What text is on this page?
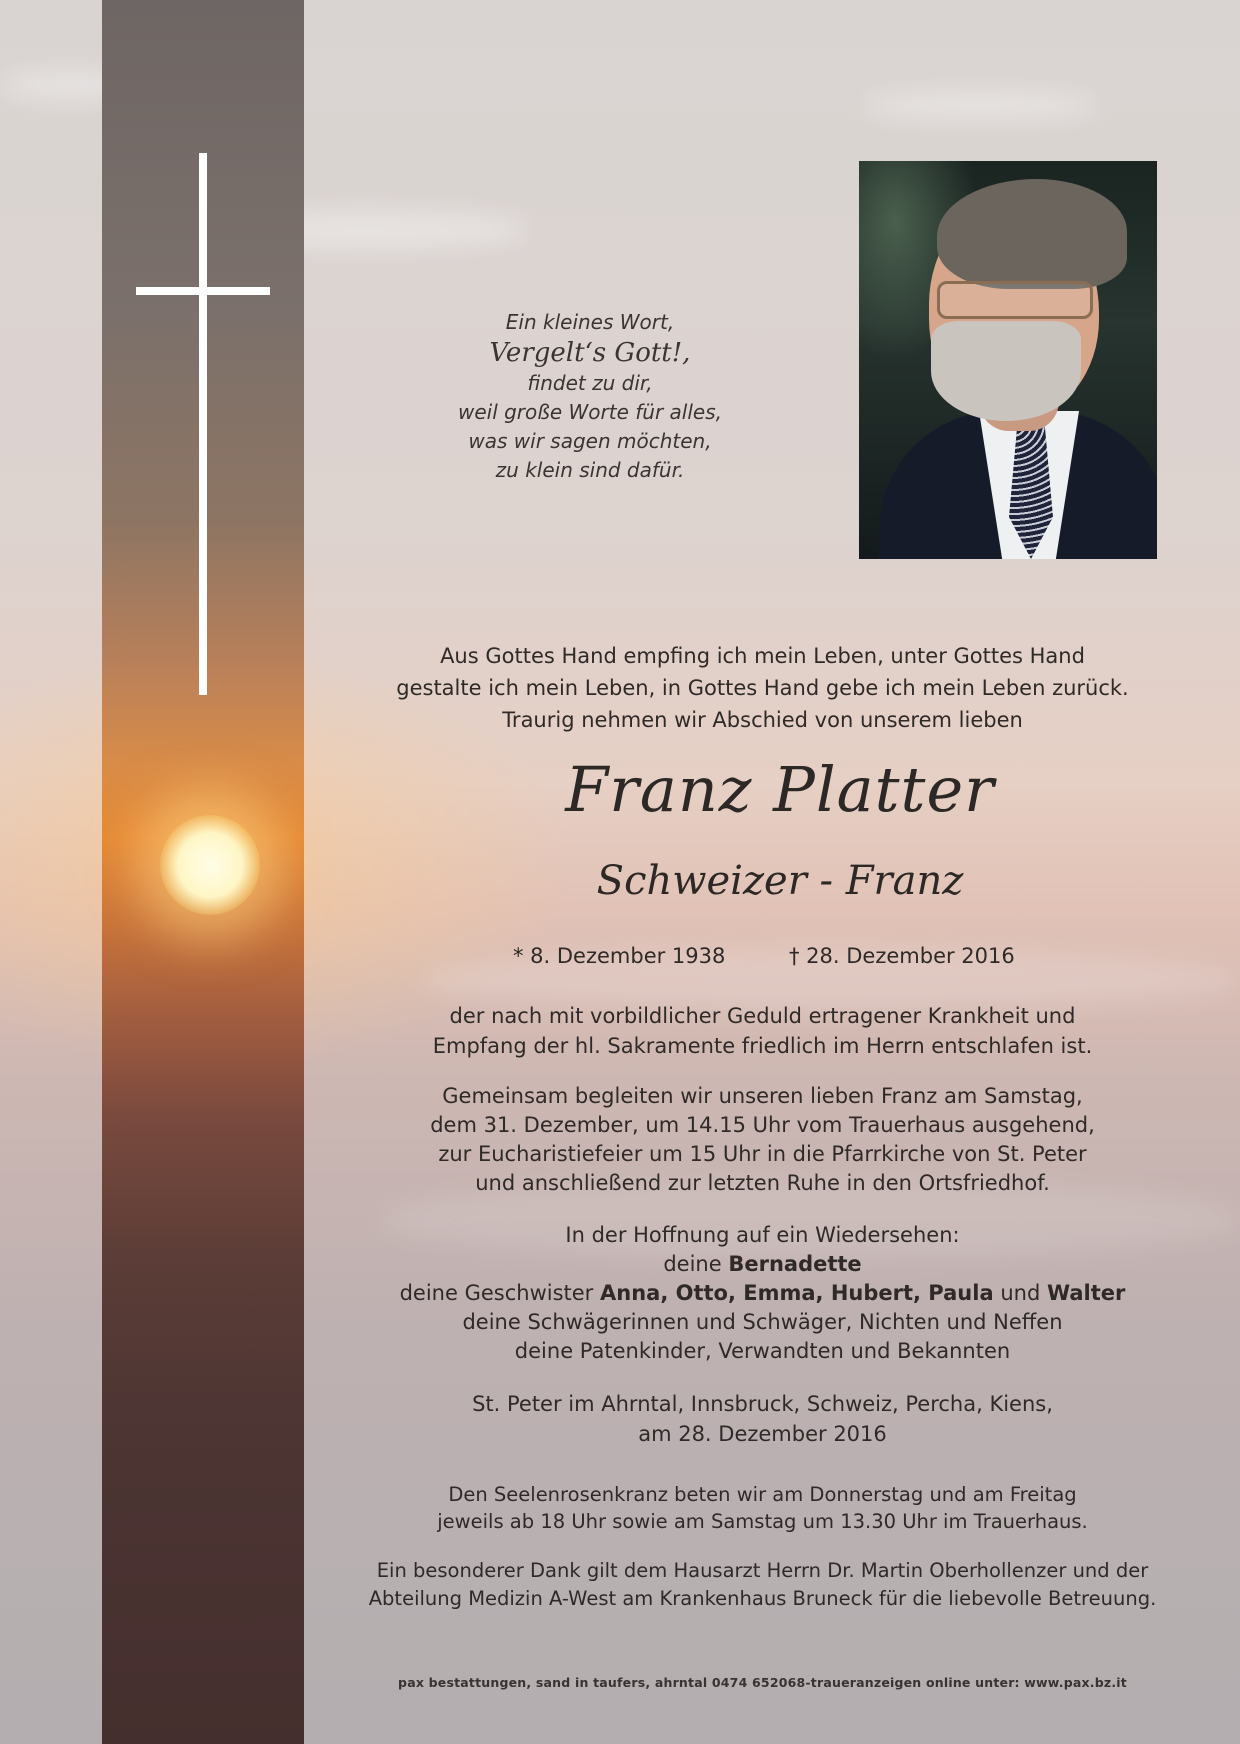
Ein kleines Wort,
Vergelt‘s Gott!,
findet zu dir,
weil große Worte für alles,
was wir sagen möchten,
zu klein sind dafür.
Aus Gottes Hand empfing ich mein Leben, unter Gottes Hand
gestalte ich mein Leben, in Gottes Hand gebe ich mein Leben zurück.
Traurig nehmen wir Abschied von unserem lieben
Franz Platter
Schweizer - Franz
* 8. Dezember 1938	† 28. Dezember 2016
der nach mit vorbildlicher Geduld ertragener Krankheit und
Empfang der hl. Sakramente friedlich im Herrn entschlafen ist.
Gemeinsam begleiten wir unseren lieben Franz am Samstag,
dem 31. Dezember, um 14.15 Uhr vom Trauerhaus ausgehend,
zur Eucharistiefeier um 15 Uhr in die Pfarrkirche von St. Peter
und anschließend zur letzten Ruhe in den Ortsfriedhof.
In der Hoffnung auf ein Wiedersehen:
deine Bernadette
deine Geschwister Anna, Otto, Emma, Hubert, Paula und Walter
deine Schwägerinnen und Schwäger, Nichten und Neffen
deine Patenkinder, Verwandten und Bekannten
St. Peter im Ahrntal, Innsbruck, Schweiz, Percha, Kiens,
am 28. Dezember 2016
Den Seelenrosenkranz beten wir am Donnerstag und am Freitag
jeweils ab 18 Uhr sowie am Samstag um 13.30 Uhr im Trauerhaus.
Ein besonderer Dank gilt dem Hausarzt Herrn Dr. Martin Oberhollenzer und der
Abteilung Medizin A-West am Krankenhaus Bruneck für die liebevolle Betreuung.
pax bestattungen, sand in taufers, ahrntal 0474 652068-traueranzeigen online unter: www.pax.bz.it
